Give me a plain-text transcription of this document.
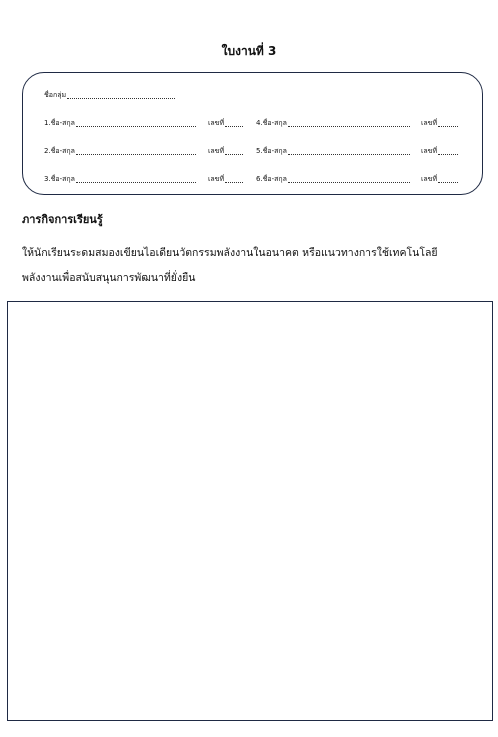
ใบงานที่ 3
ชื่อกลุ่ม
1.ชื่อ-สกุล	เลขที่
2.ชื่อ-สกุล	เลขที่
3.ชื่อ-สกุล	เลขที่
4.ชื่อ-สกุล	เลขที่
5.ชื่อ-สกุล	เลขที่
6.ชื่อ-สกุล	เลขที่
ภารกิจการเรียนรู้
ให้นักเรียนระดมสมองเขียนไอเดียนวัตกรรมพลังงานในอนาคต หรือแนวทางการใช้เทคโนโลยี
พลังงานเพื่อสนับสนุนการพัฒนาที่ยั่งยืน
